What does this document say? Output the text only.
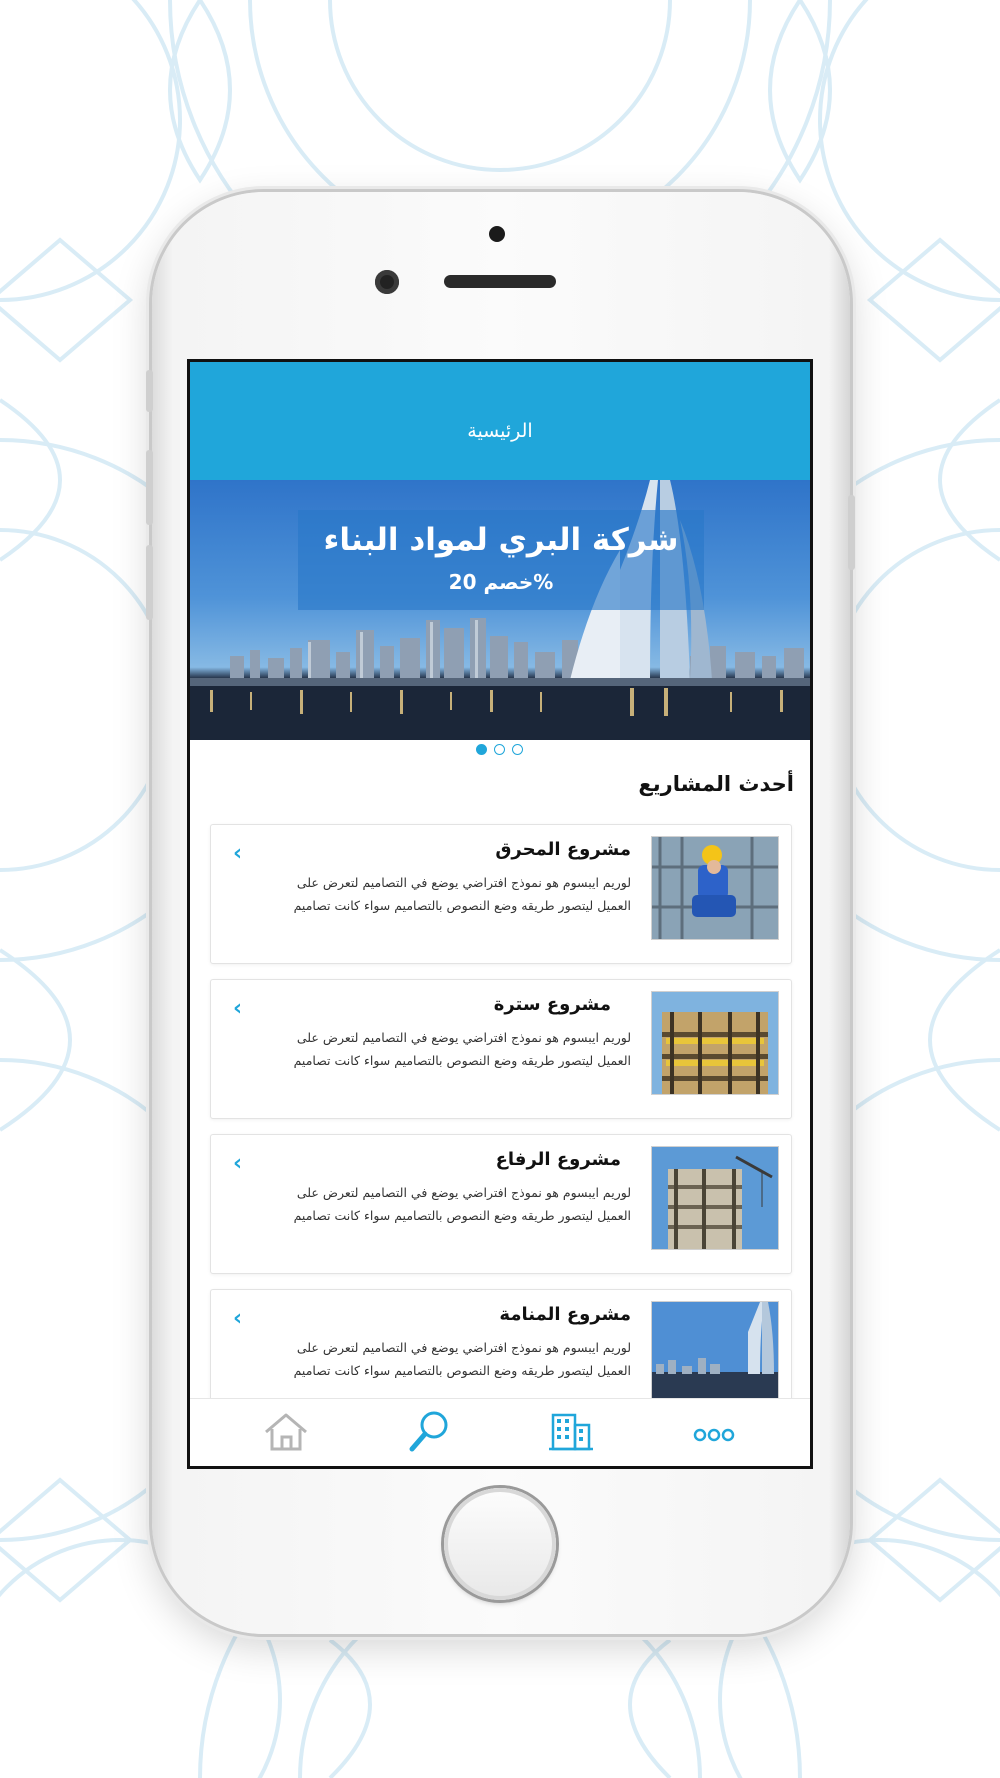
الرئيسية
شركة البري لمواد البناء
خصم 20%
أحدث المشاريع
مشروع المحرق
لوريم ايبسوم هو نموذج افتراضي يوضع في التصاميم لتعرض على
العميل ليتصور طريقه وضع النصوص بالتصاميم سواء كانت تصاميم
‹
مشروع سترة
لوريم ايبسوم هو نموذج افتراضي يوضع في التصاميم لتعرض على
العميل ليتصور طريقه وضع النصوص بالتصاميم سواء كانت تصاميم
‹
مشروع الرفاع
لوريم ايبسوم هو نموذج افتراضي يوضع في التصاميم لتعرض على
العميل ليتصور طريقه وضع النصوص بالتصاميم سواء كانت تصاميم
‹
مشروع المنامة
لوريم ايبسوم هو نموذج افتراضي يوضع في التصاميم لتعرض على
العميل ليتصور طريقه وضع النصوص بالتصاميم سواء كانت تصاميم
‹
